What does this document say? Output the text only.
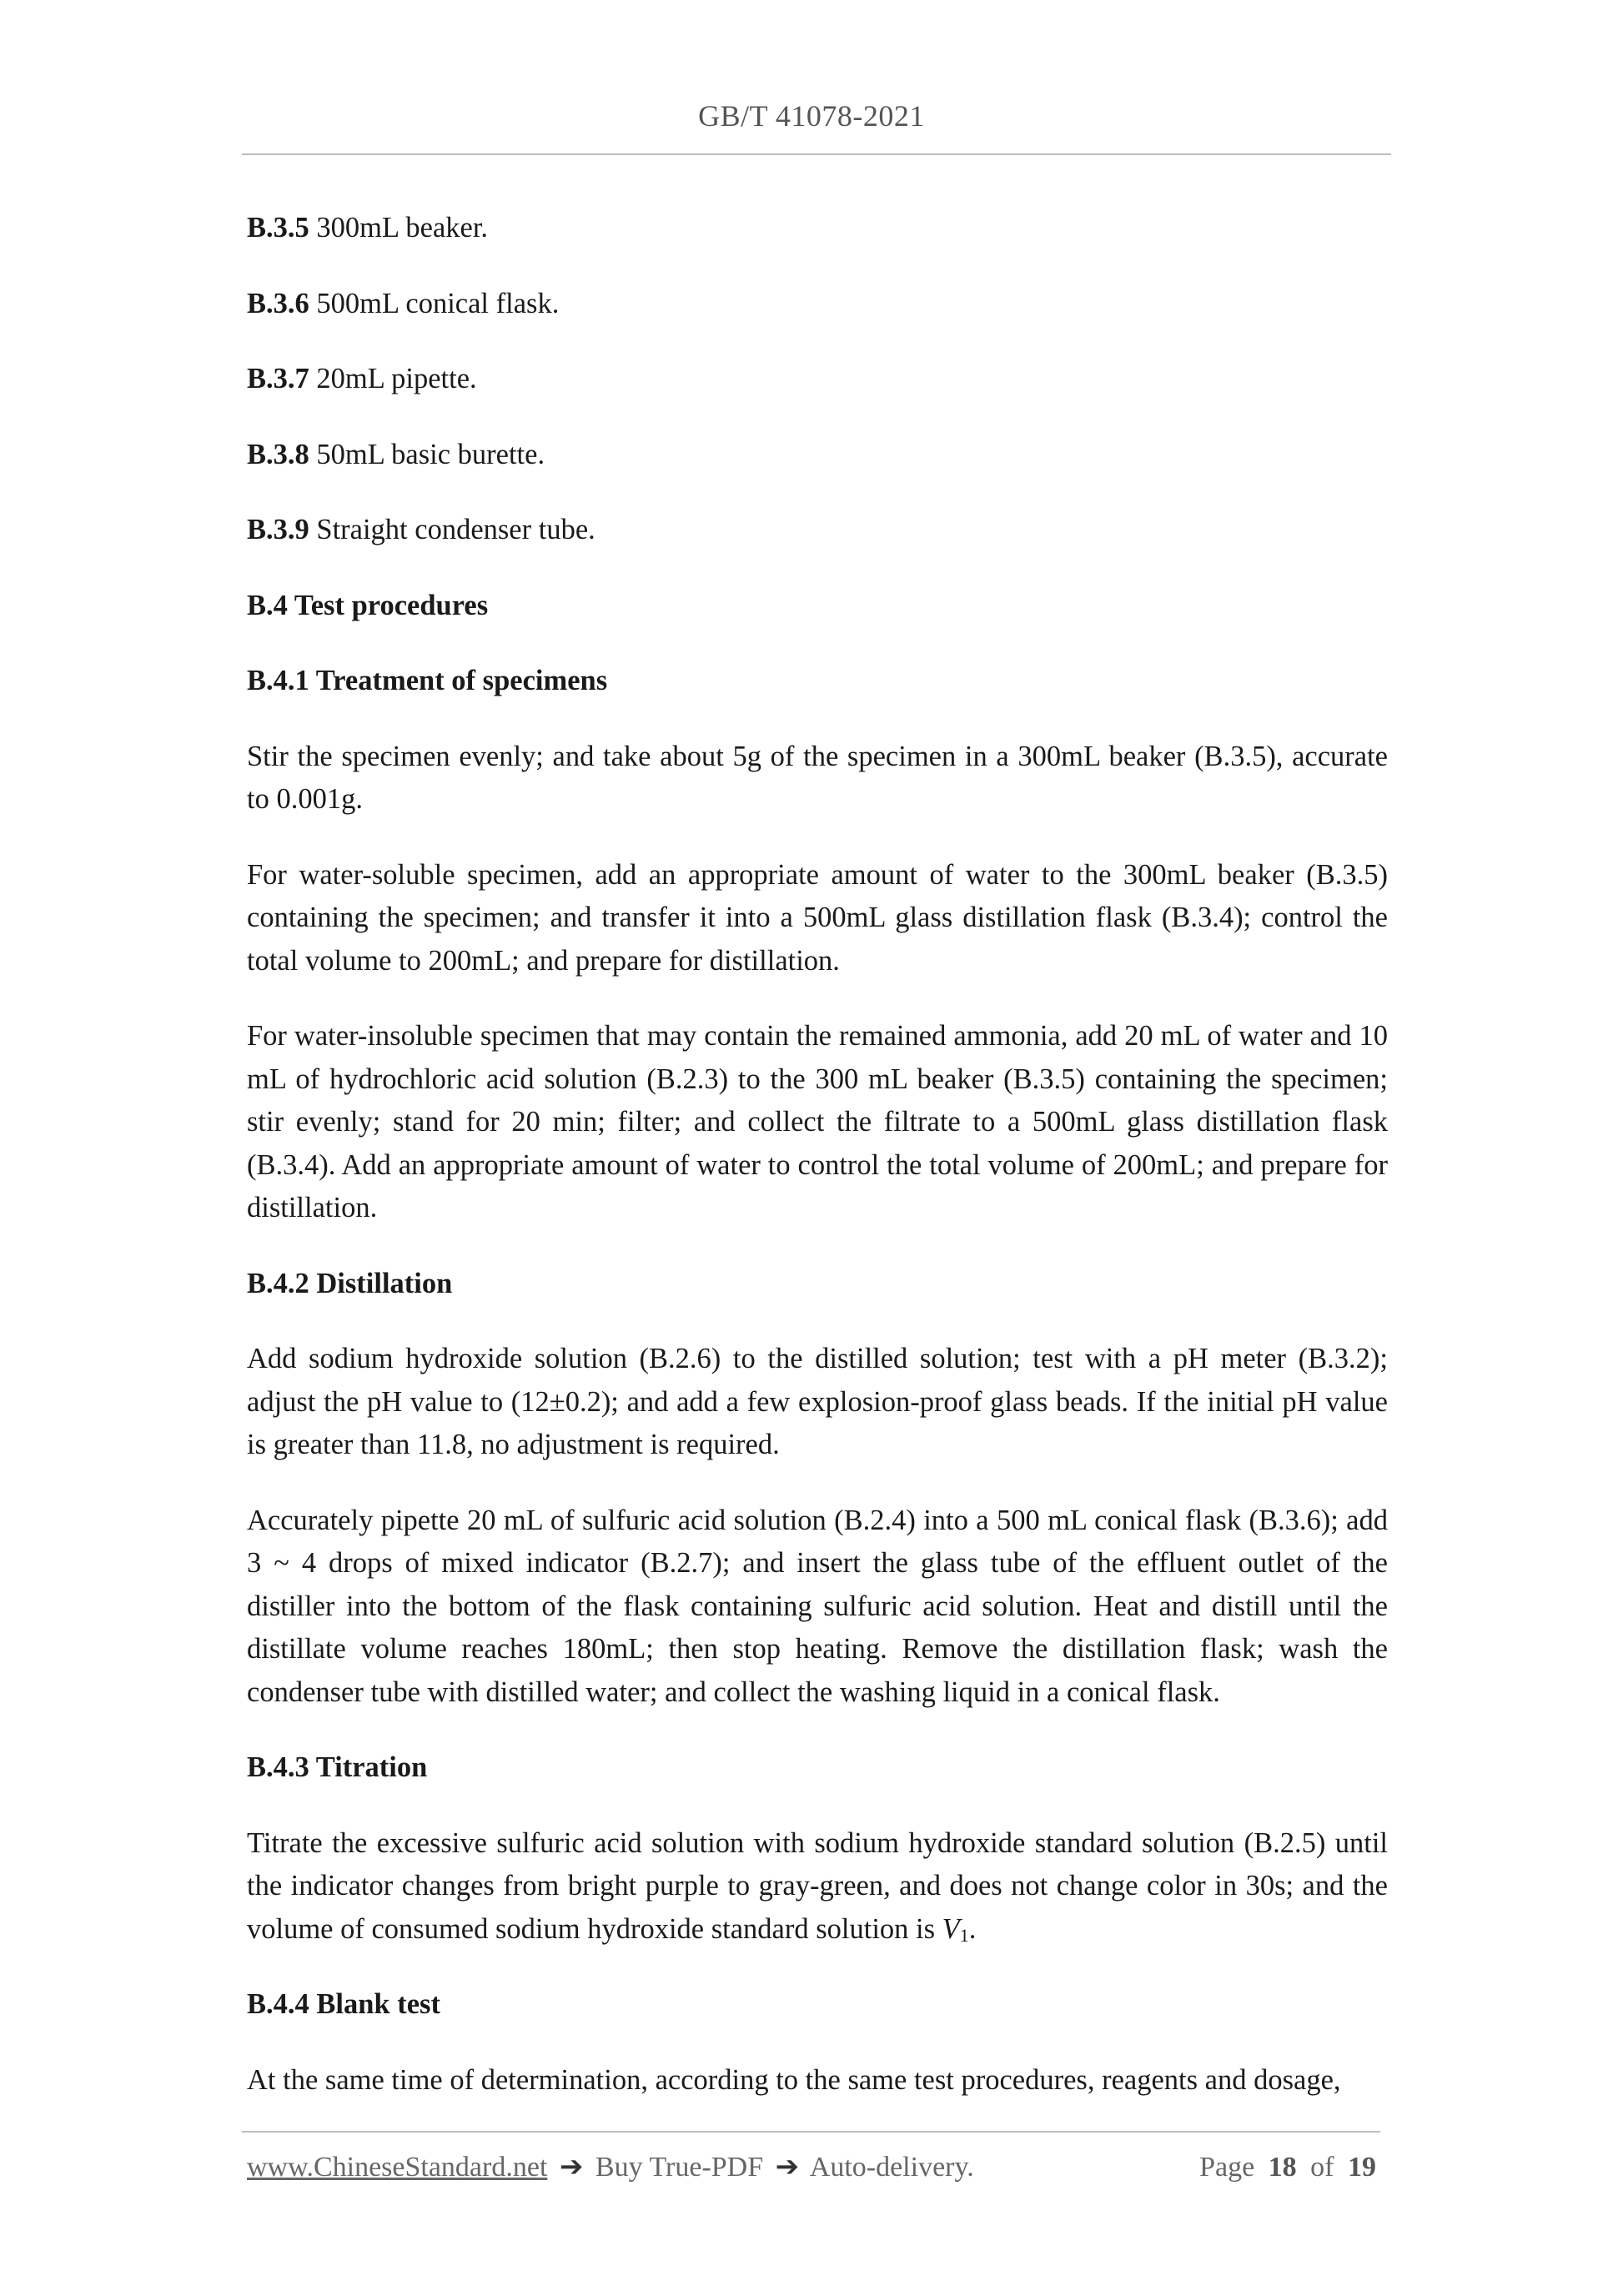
GB/T 41078-2021
B.3.5 300mL beaker.
B.3.6 500mL conical flask.
B.3.7 20mL pipette.
B.3.8 50mL basic burette.
B.3.9 Straight condenser tube.
B.4 Test procedures
B.4.1 Treatment of specimens

Stir the specimen evenly; and take about 5g of the specimen in a 300mL beaker (B.3.5), accurate to 0.001g.

For water-soluble specimen, add an appropriate amount of water to the 300mL beaker (B.3.5) containing the specimen; and transfer it into a 500mL glass distillation flask (B.3.4); control the total volume to 200mL; and prepare for distillation.

For water-insoluble specimen that may contain the remained ammonia, add 20 mL of water and 10 mL of hydrochloric acid solution (B.2.3) to the 300 mL beaker (B.3.5) containing the specimen; stir evenly; stand for 20 min; filter; and collect the filtrate to a 500mL glass distillation flask (B.3.4). Add an appropriate amount of water to control the total volume of 200mL; and prepare for distillation.

B.4.2 Distillation

Add sodium hydroxide solution (B.2.6) to the distilled solution; test with a pH meter (B.3.2); adjust the pH value to (12±0.2); and add a few explosion-proof glass beads. If the initial pH value is greater than 11.8, no adjustment is required.

Accurately pipette 20 mL of sulfuric acid solution (B.2.4) into a 500 mL conical flask (B.3.6); add 3 ~ 4 drops of mixed indicator (B.2.7); and insert the glass tube of the effluent outlet of the distiller into the bottom of the flask containing sulfuric acid solution. Heat and distill until the distillate volume reaches 180mL; then stop heating. Remove the distillation flask; wash the condenser tube with distilled water; and collect the washing liquid in a conical flask.

B.4.3 Titration

Titrate the excessive sulfuric acid solution with sodium hydroxide standard solution (B.2.5) until the indicator changes from bright purple to gray-green, and does not change color in 30s; and the volume of consumed sodium hydroxide standard solution is $V_1$.

B.4.4 Blank test

At the same time of determination, according to the same test procedures, reagents and dosage,

www.ChineseStandard.net ➔ Buy True-PDF ➔ Auto-delivery.	Page 18 of 19
